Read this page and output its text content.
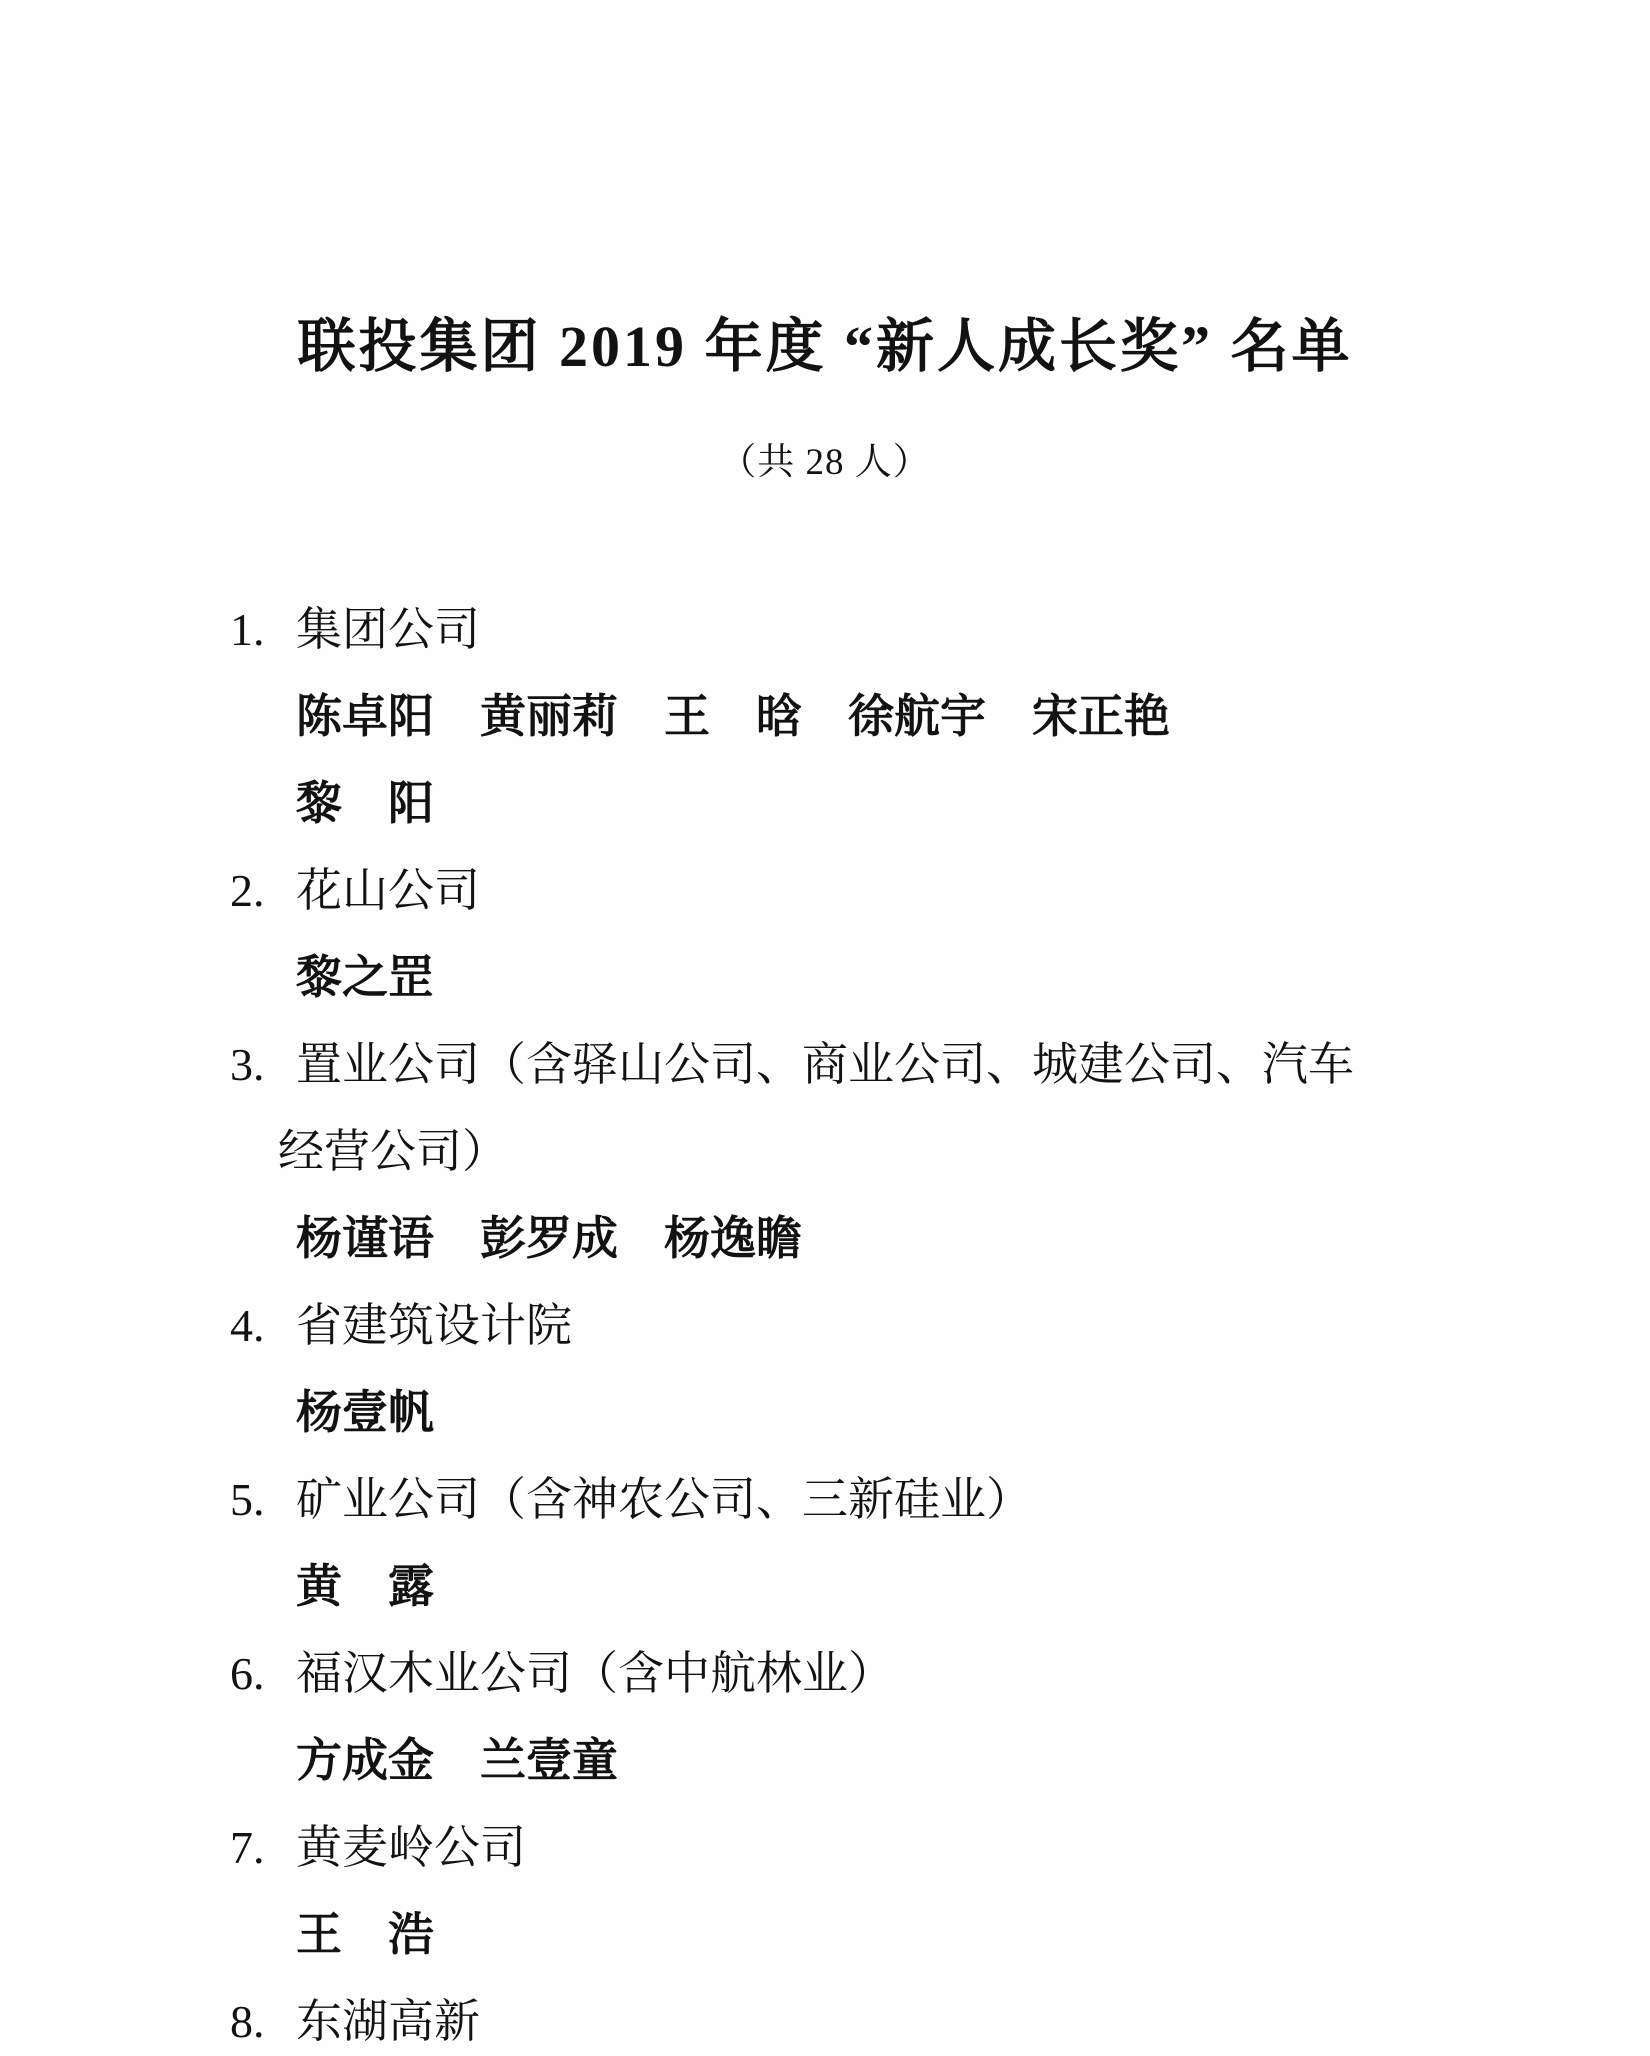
联投集团 2019 年度 “新人成长奖” 名单
（共 28 人）
1. 集团公司
陈卓阳　黄丽莉　王　晗　徐航宇　宋正艳
黎　阳
2. 花山公司
黎之罡
3. 置业公司（含驿山公司、商业公司、城建公司、汽车
经营公司）
杨谨语　彭罗成　杨逸瞻
4. 省建筑设计院
杨壹帆
5. 矿业公司（含神农公司、三新硅业）
黄　露
6. 福汉木业公司（含中航林业）
方成金　兰壹童
7. 黄麦岭公司
王　浩
8. 东湖高新
